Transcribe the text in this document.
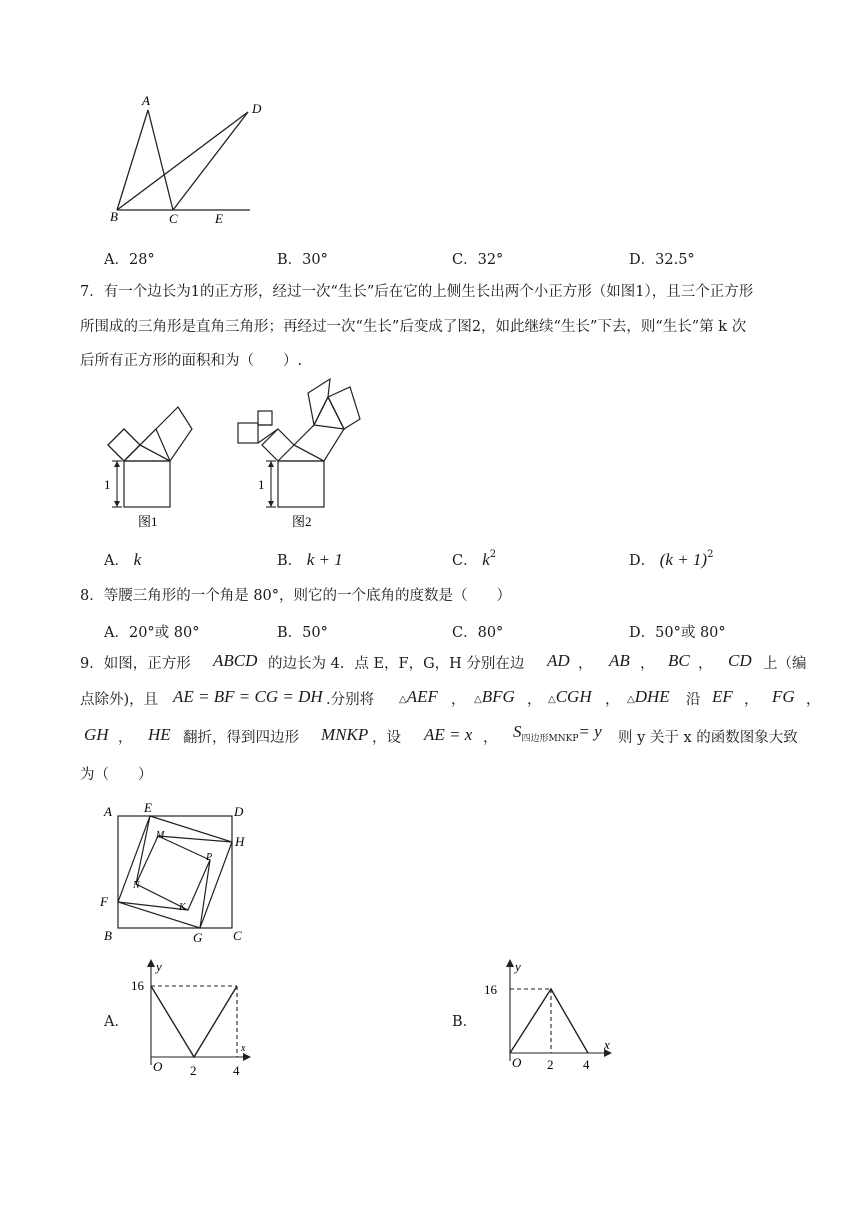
A
D
B	C	E
A．28°	B．30°	C．32°	D．32.5°
7．有一个边长为1的正方形，经过一次“生长”后在它的上侧生长出两个小正方形（如图1），且三个正方形
所围成的三角形是直角三角形；再经过一次“生长”后变成了图2，如此继续“生长”下去，则“生长”第 k 次
后所有正方形的面积和为（　　）.
1
图1
1
图2
A． k	B． k + 1	C． $k^2$	D． $(k + 1)^2$
8．等腰三角形的一个角是 80°，则它的一个底角的度数是（　　）
A．20°或 80°	B．50°	C．80°	D．50°或 80°
9．如图，正方形 ABCD 的边长为 4．点 E，F，G，H 分别在边 AD ， AB ， BC ， CD 上（编
点除外)，且 AE = BF = CG = DH .分别将 △AEF ， △BFG ， △CGH ， △DHE 沿 EF ， FG ，
GH ， HE 翻折，得到四边形 MNKP ，设 AE = x ， $S_{四边形MNKP}= y$ 则 y 关于 x 的函数图象大致
为（　　）
A E	D
M	H
P
N
F	K
B	G C
A．
y
x
16
O 2	4
B．
y
x
16
O 2 4
